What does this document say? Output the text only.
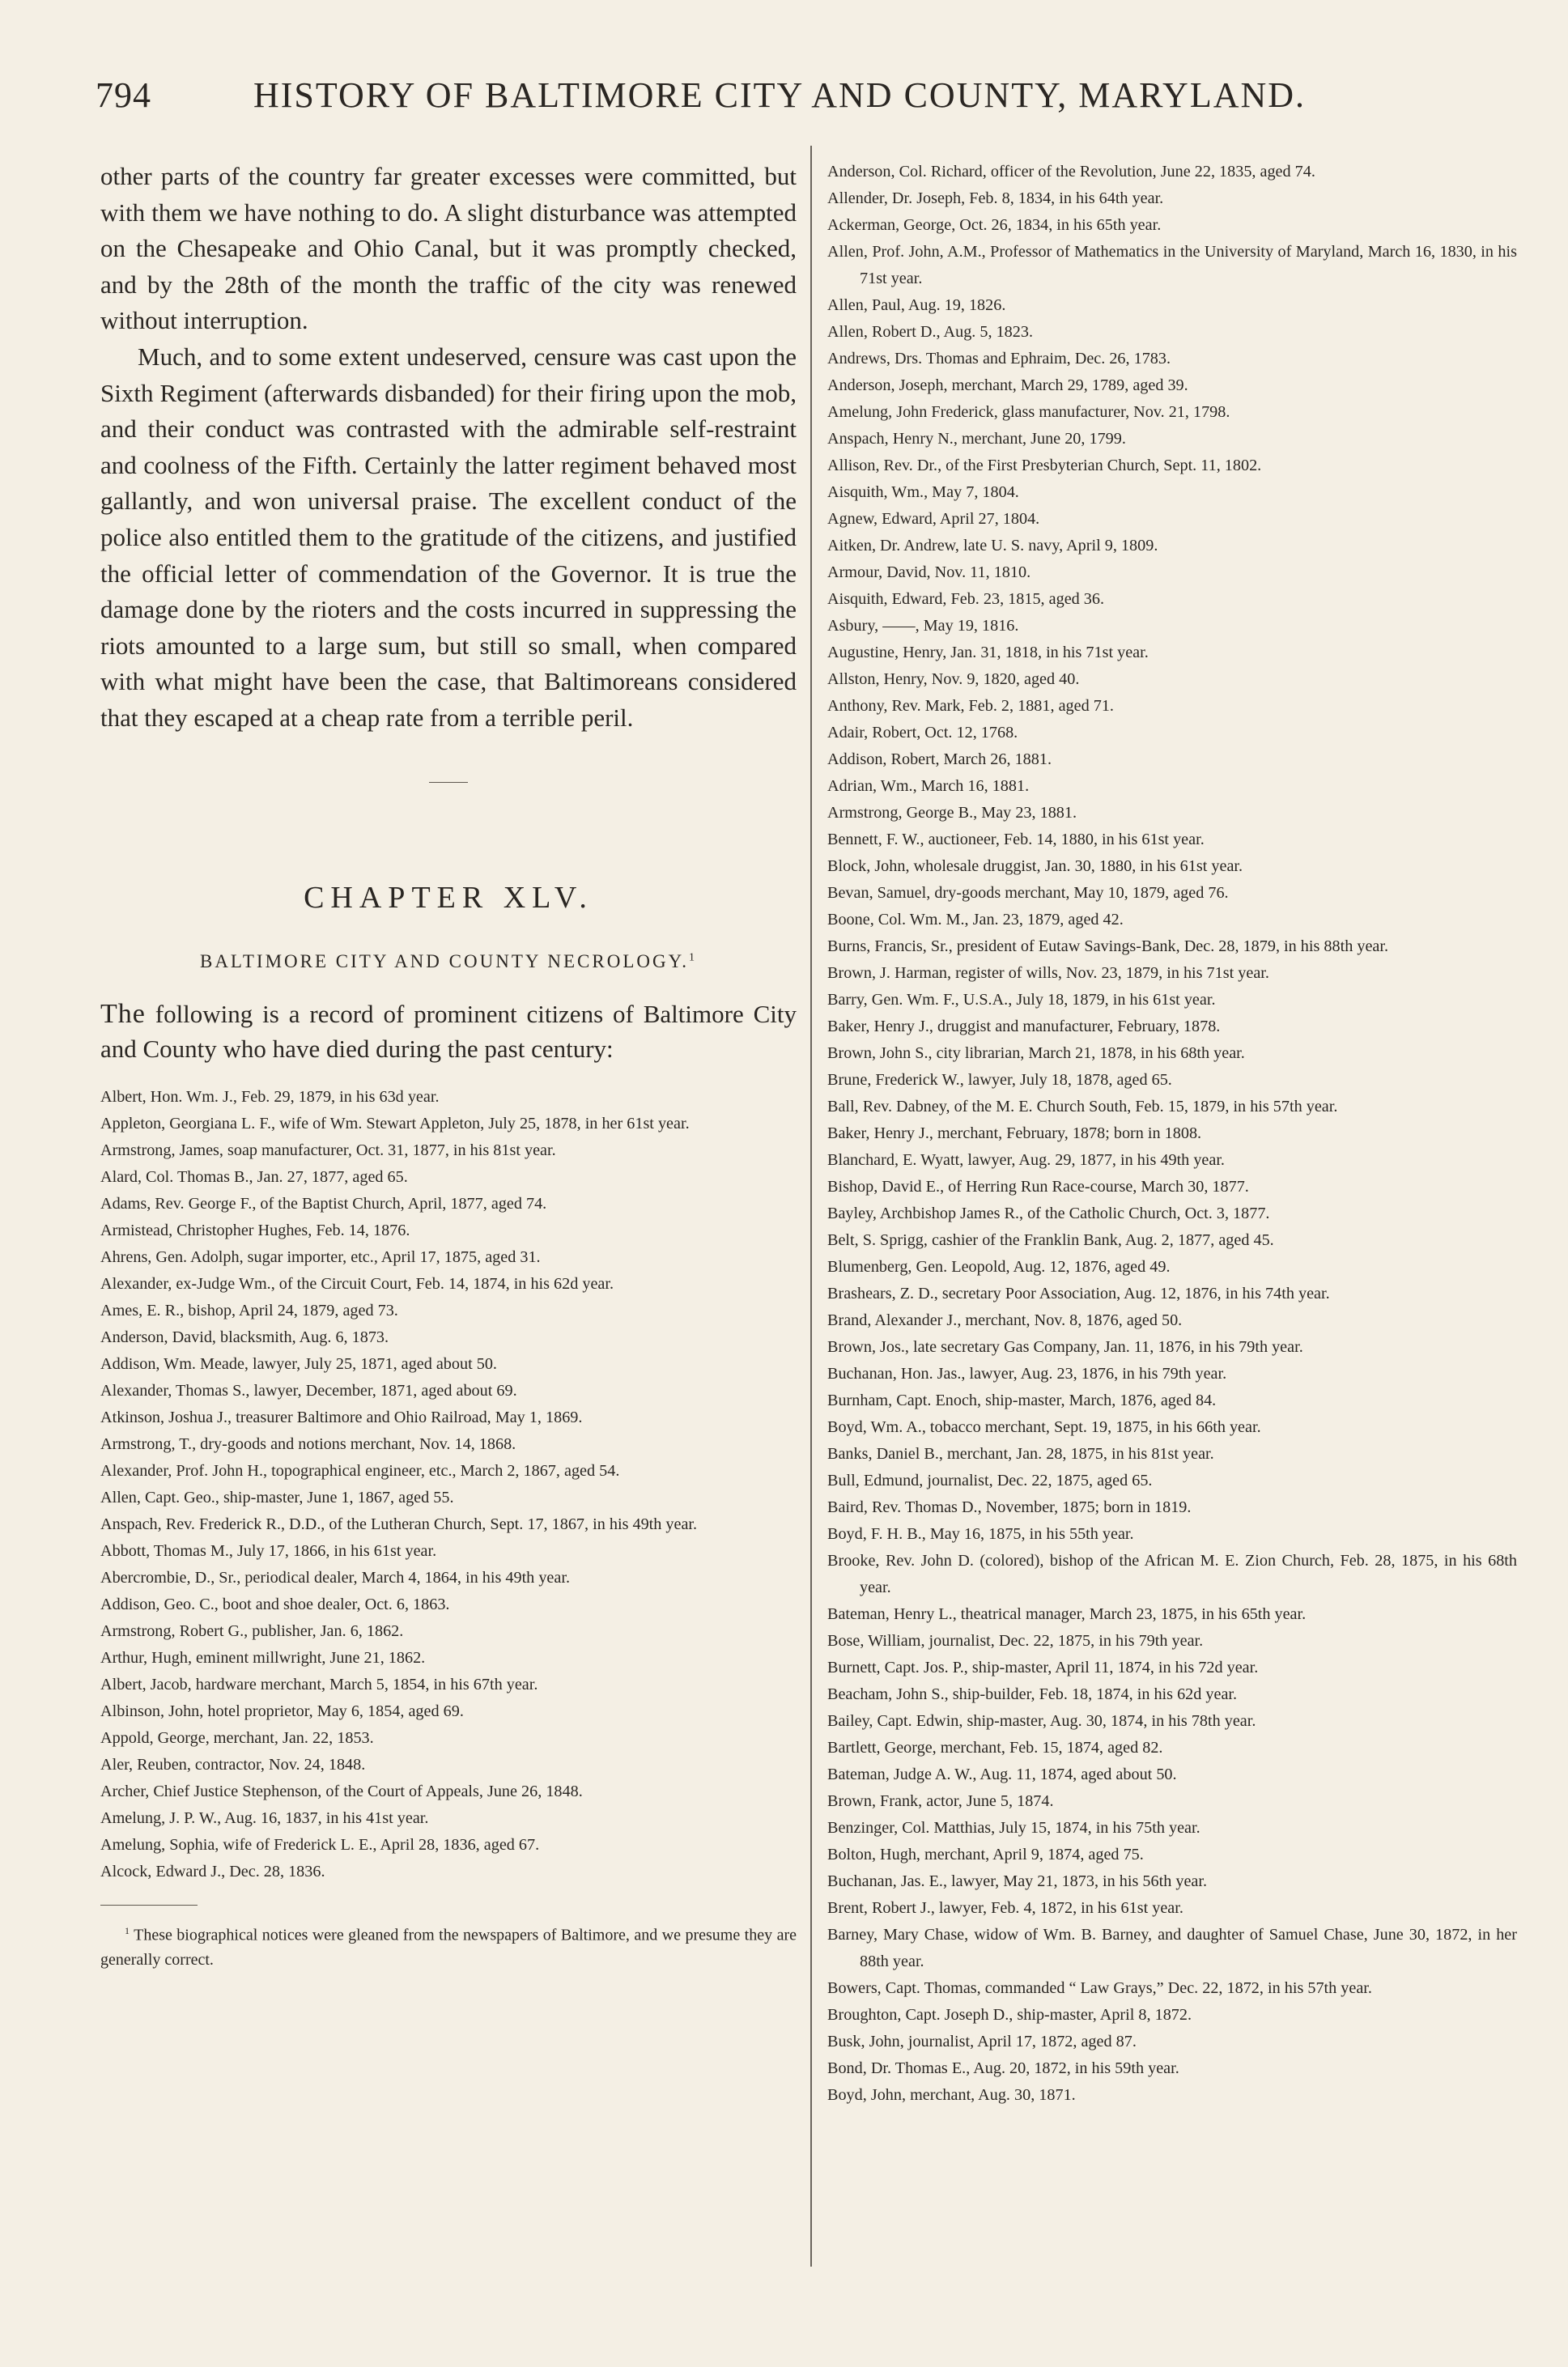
794	HISTORY OF BALTIMORE CITY AND COUNTY, MARYLAND.

other parts of the country far greater excesses were committed, but with them we have nothing to do. A slight disturbance was attempted on the Chesapeake and Ohio Canal, but it was promptly checked, and by the 28th of the month the traffic of the city was renewed without interruption.

Much, and to some extent undeserved, censure was cast upon the Sixth Regiment (afterwards disbanded) for their firing upon the mob, and their conduct was contrasted with the admirable self-restraint and coolness of the Fifth. Certainly the latter regiment behaved most gallantly, and won universal praise. The excellent conduct of the police also entitled them to the gratitude of the citizens, and justified the official letter of commendation of the Governor. It is true the damage done by the rioters and the costs incurred in suppressing the riots amounted to a large sum, but still so small, when compared with what might have been the case, that Baltimoreans considered that they escaped at a cheap rate from a terrible peril.

CHAPTER XLV.
BALTIMORE CITY AND COUNTY NECROLOGY.$^1$

The following is a record of prominent citizens of Baltimore City and County who have died during the past century:

Albert, Hon. Wm. J., Feb. 29, 1879, in his 63d year.
Appleton, Georgiana L. F., wife of Wm. Stewart Appleton, July 25, 1878, in her 61st year.
Armstrong, James, soap manufacturer, Oct. 31, 1877, in his 81st year.
Alard, Col. Thomas B., Jan. 27, 1877, aged 65.
Adams, Rev. George F., of the Baptist Church, April, 1877, aged 74.
Armistead, Christopher Hughes, Feb. 14, 1876.
Ahrens, Gen. Adolph, sugar importer, etc., April 17, 1875, aged 31.
Alexander, ex-Judge Wm., of the Circuit Court, Feb. 14, 1874, in his 62d year.
Ames, E. R., bishop, April 24, 1879, aged 73.
Anderson, David, blacksmith, Aug. 6, 1873.
Addison, Wm. Meade, lawyer, July 25, 1871, aged about 50.
Alexander, Thomas S., lawyer, December, 1871, aged about 69.
Atkinson, Joshua J., treasurer Baltimore and Ohio Railroad, May 1, 1869.
Armstrong, T., dry-goods and notions merchant, Nov. 14, 1868.
Alexander, Prof. John H., topographical engineer, etc., March 2, 1867, aged 54.
Allen, Capt. Geo., ship-master, June 1, 1867, aged 55.
Anspach, Rev. Frederick R., D.D., of the Lutheran Church, Sept. 17, 1867, in his 49th year.
Abbott, Thomas M., July 17, 1866, in his 61st year.
Abercrombie, D., Sr., periodical dealer, March 4, 1864, in his 49th year.
Addison, Geo. C., boot and shoe dealer, Oct. 6, 1863.
Armstrong, Robert G., publisher, Jan. 6, 1862.
Arthur, Hugh, eminent millwright, June 21, 1862.
Albert, Jacob, hardware merchant, March 5, 1854, in his 67th year.
Albinson, John, hotel proprietor, May 6, 1854, aged 69.
Appold, George, merchant, Jan. 22, 1853.
Aler, Reuben, contractor, Nov. 24, 1848.
Archer, Chief Justice Stephenson, of the Court of Appeals, June 26, 1848.
Amelung, J. P. W., Aug. 16, 1837, in his 41st year.
Amelung, Sophia, wife of Frederick L. E., April 28, 1836, aged 67.
Alcock, Edward J., Dec. 28, 1836.
$^1$ These biographical notices were gleaned from the newspapers of Baltimore, and we presume they are generally correct.
Anderson, Col. Richard, officer of the Revolution, June 22, 1835, aged 74.
Allender, Dr. Joseph, Feb. 8, 1834, in his 64th year.
Ackerman, George, Oct. 26, 1834, in his 65th year.
Allen, Prof. John, A.M., Professor of Mathematics in the University of Maryland, March 16, 1830, in his 71st year.
Allen, Paul, Aug. 19, 1826.
Allen, Robert D., Aug. 5, 1823.
Andrews, Drs. Thomas and Ephraim, Dec. 26, 1783.
Anderson, Joseph, merchant, March 29, 1789, aged 39.
Amelung, John Frederick, glass manufacturer, Nov. 21, 1798.
Anspach, Henry N., merchant, June 20, 1799.
Allison, Rev. Dr., of the First Presbyterian Church, Sept. 11, 1802.
Aisquith, Wm., May 7, 1804.
Agnew, Edward, April 27, 1804.
Aitken, Dr. Andrew, late U. S. navy, April 9, 1809.
Armour, David, Nov. 11, 1810.
Aisquith, Edward, Feb. 23, 1815, aged 36.
Asbury, ——, May 19, 1816.
Augustine, Henry, Jan. 31, 1818, in his 71st year.
Allston, Henry, Nov. 9, 1820, aged 40.
Anthony, Rev. Mark, Feb. 2, 1881, aged 71.
Adair, Robert, Oct. 12, 1768.
Addison, Robert, March 26, 1881.
Adrian, Wm., March 16, 1881.
Armstrong, George B., May 23, 1881.
Bennett, F. W., auctioneer, Feb. 14, 1880, in his 61st year.
Block, John, wholesale druggist, Jan. 30, 1880, in his 61st year.
Bevan, Samuel, dry-goods merchant, May 10, 1879, aged 76.
Boone, Col. Wm. M., Jan. 23, 1879, aged 42.
Burns, Francis, Sr., president of Eutaw Savings-Bank, Dec. 28, 1879, in his 88th year.
Brown, J. Harman, register of wills, Nov. 23, 1879, in his 71st year.
Barry, Gen. Wm. F., U.S.A., July 18, 1879, in his 61st year.
Baker, Henry J., druggist and manufacturer, February, 1878.
Brown, John S., city librarian, March 21, 1878, in his 68th year.
Brune, Frederick W., lawyer, July 18, 1878, aged 65.
Ball, Rev. Dabney, of the M. E. Church South, Feb. 15, 1879, in his 57th year.
Baker, Henry J., merchant, February, 1878; born in 1808.
Blanchard, E. Wyatt, lawyer, Aug. 29, 1877, in his 49th year.
Bishop, David E., of Herring Run Race-course, March 30, 1877.
Bayley, Archbishop James R., of the Catholic Church, Oct. 3, 1877.
Belt, S. Sprigg, cashier of the Franklin Bank, Aug. 2, 1877, aged 45.
Blumenberg, Gen. Leopold, Aug. 12, 1876, aged 49.
Brashears, Z. D., secretary Poor Association, Aug. 12, 1876, in his 74th year.
Brand, Alexander J., merchant, Nov. 8, 1876, aged 50.
Brown, Jos., late secretary Gas Company, Jan. 11, 1876, in his 79th year.
Buchanan, Hon. Jas., lawyer, Aug. 23, 1876, in his 79th year.
Burnham, Capt. Enoch, ship-master, March, 1876, aged 84.
Boyd, Wm. A., tobacco merchant, Sept. 19, 1875, in his 66th year.
Banks, Daniel B., merchant, Jan. 28, 1875, in his 81st year.
Bull, Edmund, journalist, Dec. 22, 1875, aged 65.
Baird, Rev. Thomas D., November, 1875; born in 1819.
Boyd, F. H. B., May 16, 1875, in his 55th year.
Brooke, Rev. John D. (colored), bishop of the African M. E. Zion Church, Feb. 28, 1875, in his 68th year.
Bateman, Henry L., theatrical manager, March 23, 1875, in his 65th year.
Bose, William, journalist, Dec. 22, 1875, in his 79th year.
Burnett, Capt. Jos. P., ship-master, April 11, 1874, in his 72d year.
Beacham, John S., ship-builder, Feb. 18, 1874, in his 62d year.
Bailey, Capt. Edwin, ship-master, Aug. 30, 1874, in his 78th year.
Bartlett, George, merchant, Feb. 15, 1874, aged 82.
Bateman, Judge A. W., Aug. 11, 1874, aged about 50.
Brown, Frank, actor, June 5, 1874.
Benzinger, Col. Matthias, July 15, 1874, in his 75th year.
Bolton, Hugh, merchant, April 9, 1874, aged 75.
Buchanan, Jas. E., lawyer, May 21, 1873, in his 56th year.
Brent, Robert J., lawyer, Feb. 4, 1872, in his 61st year.
Barney, Mary Chase, widow of Wm. B. Barney, and daughter of Samuel Chase, June 30, 1872, in her 88th year.
Bowers, Capt. Thomas, commanded “ Law Grays,” Dec. 22, 1872, in his 57th year.
Broughton, Capt. Joseph D., ship-master, April 8, 1872.
Busk, John, journalist, April 17, 1872, aged 87.
Bond, Dr. Thomas E., Aug. 20, 1872, in his 59th year.
Boyd, John, merchant, Aug. 30, 1871.
